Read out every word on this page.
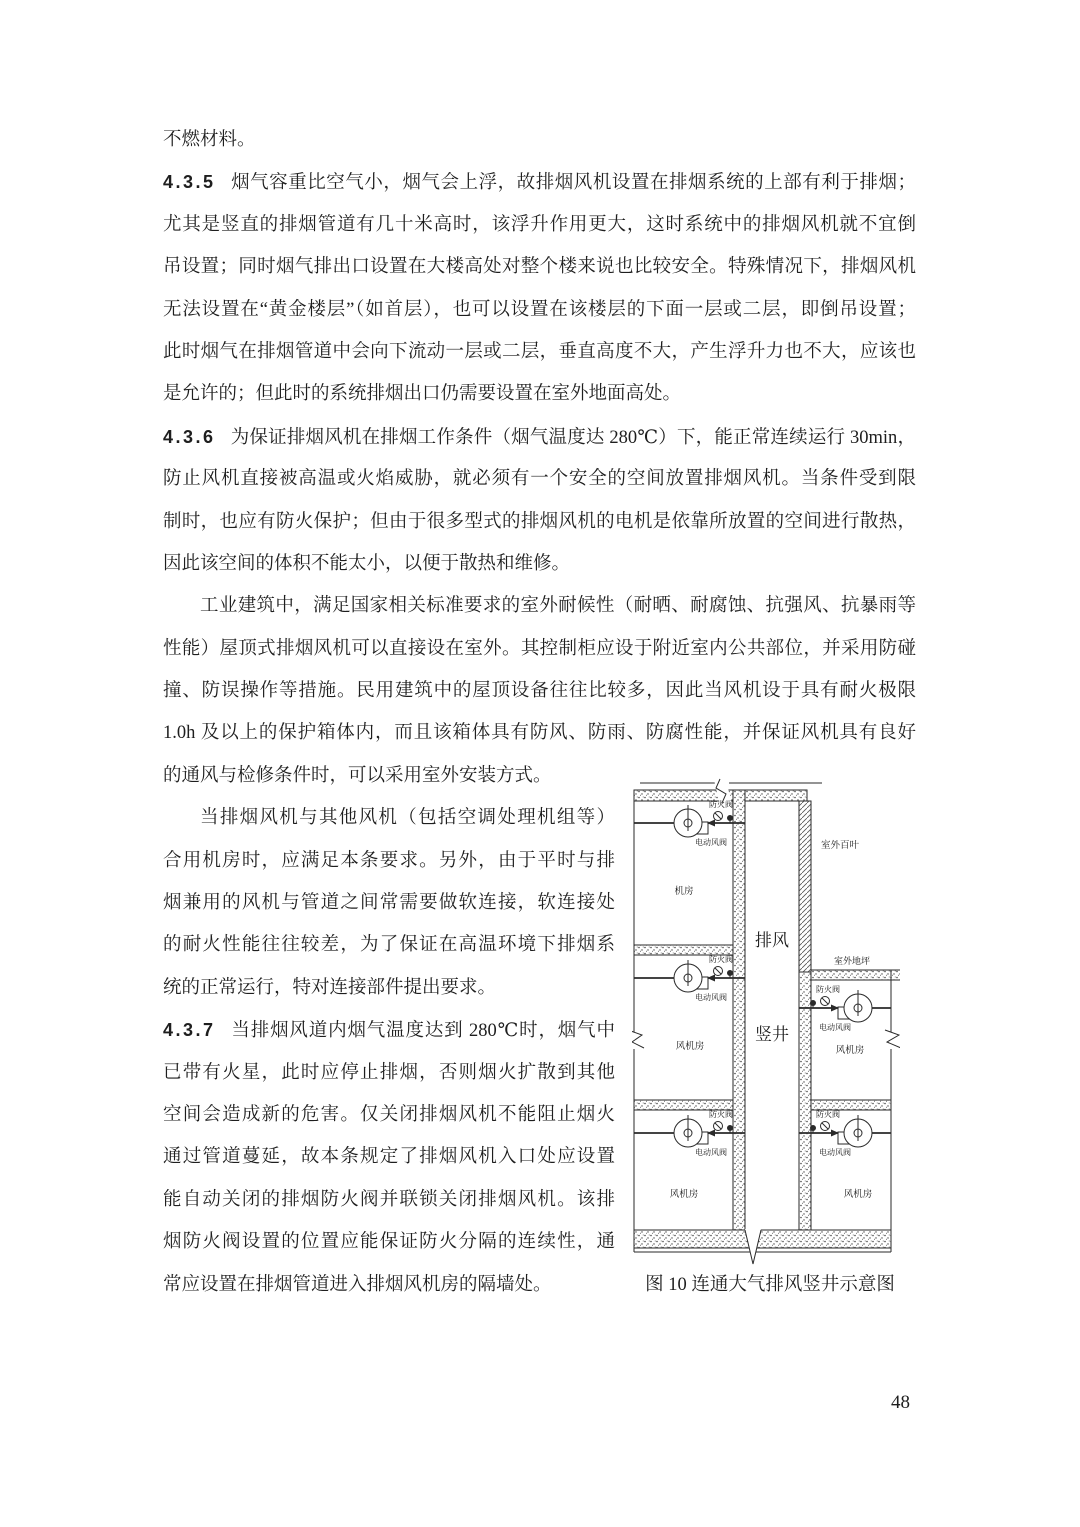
不燃材料。
4.3.5 烟气容重比空气小，烟气会上浮，故排烟风机设置在排烟系统的上部有利于排烟；
尤其是竖直的排烟管道有几十米高时，该浮升作用更大，这时系统中的排烟风机就不宜倒
吊设置；同时烟气排出口设置在大楼高处对整个楼来说也比较安全。特殊情况下，排烟风机
无法设置在“黄金楼层”（如首层），也可以设置在该楼层的下面一层或二层，即倒吊设置；
此时烟气在排烟管道中会向下流动一层或二层，垂直高度不大，产生浮升力也不大，应该也
是允许的；但此时的系统排烟出口仍需要设置在室外地面高处。
4.3.6 为保证排烟风机在排烟工作条件（烟气温度达 280℃）下，能正常连续运行 30min，
防止风机直接被高温或火焰威胁，就必须有一个安全的空间放置排烟风机。当条件受到限
制时，也应有防火保护；但由于很多型式的排烟风机的电机是依靠所放置的空间进行散热，
因此该空间的体积不能太小，以便于散热和维修。
工业建筑中，满足国家相关标准要求的室外耐候性（耐晒、耐腐蚀、抗强风、抗暴雨等
性能）屋顶式排烟风机可以直接设在室外。其控制柜应设于附近室内公共部位，并采用防碰
撞、防误操作等措施。民用建筑中的屋顶设备往往比较多，因此当风机设于具有耐火极限
1.0h 及以上的保护箱体内，而且该箱体具有防风、防雨、防腐性能，并保证风机具有良好
的通风与检修条件时，可以采用室外安装方式。
当排烟风机与其他风机（包括空调处理机组等）
合用机房时，应满足本条要求。另外，由于平时与排
烟兼用的风机与管道之间常需要做软连接，软连接处
的耐火性能往往较差，为了保证在高温环境下排烟系
统的正常运行，特对连接部件提出要求。
4.3.7 当排烟风道内烟气温度达到 280℃时，烟气中
已带有火星，此时应停止排烟，否则烟火扩散到其他
空间会造成新的危害。仅关闭排烟风机不能阻止烟火
通过管道蔓延，故本条规定了排烟风机入口处应设置
能自动关闭的排烟防火阀并联锁关闭排烟风机。该排
烟防火阀设置的位置应能保证防火分隔的连续性，通
常应设置在排烟管道进入排烟风机房的隔墙处。
排风
竖井
室外百叶
室外地坪
机房
风机房
风机房
风机房
风机房
防火阀
电动风阀
防火阀
电动风阀
防火阀
电动风阀
防火阀
电动风阀
防火阀
电动风阀
图 10 连通大气排风竖井示意图
48
